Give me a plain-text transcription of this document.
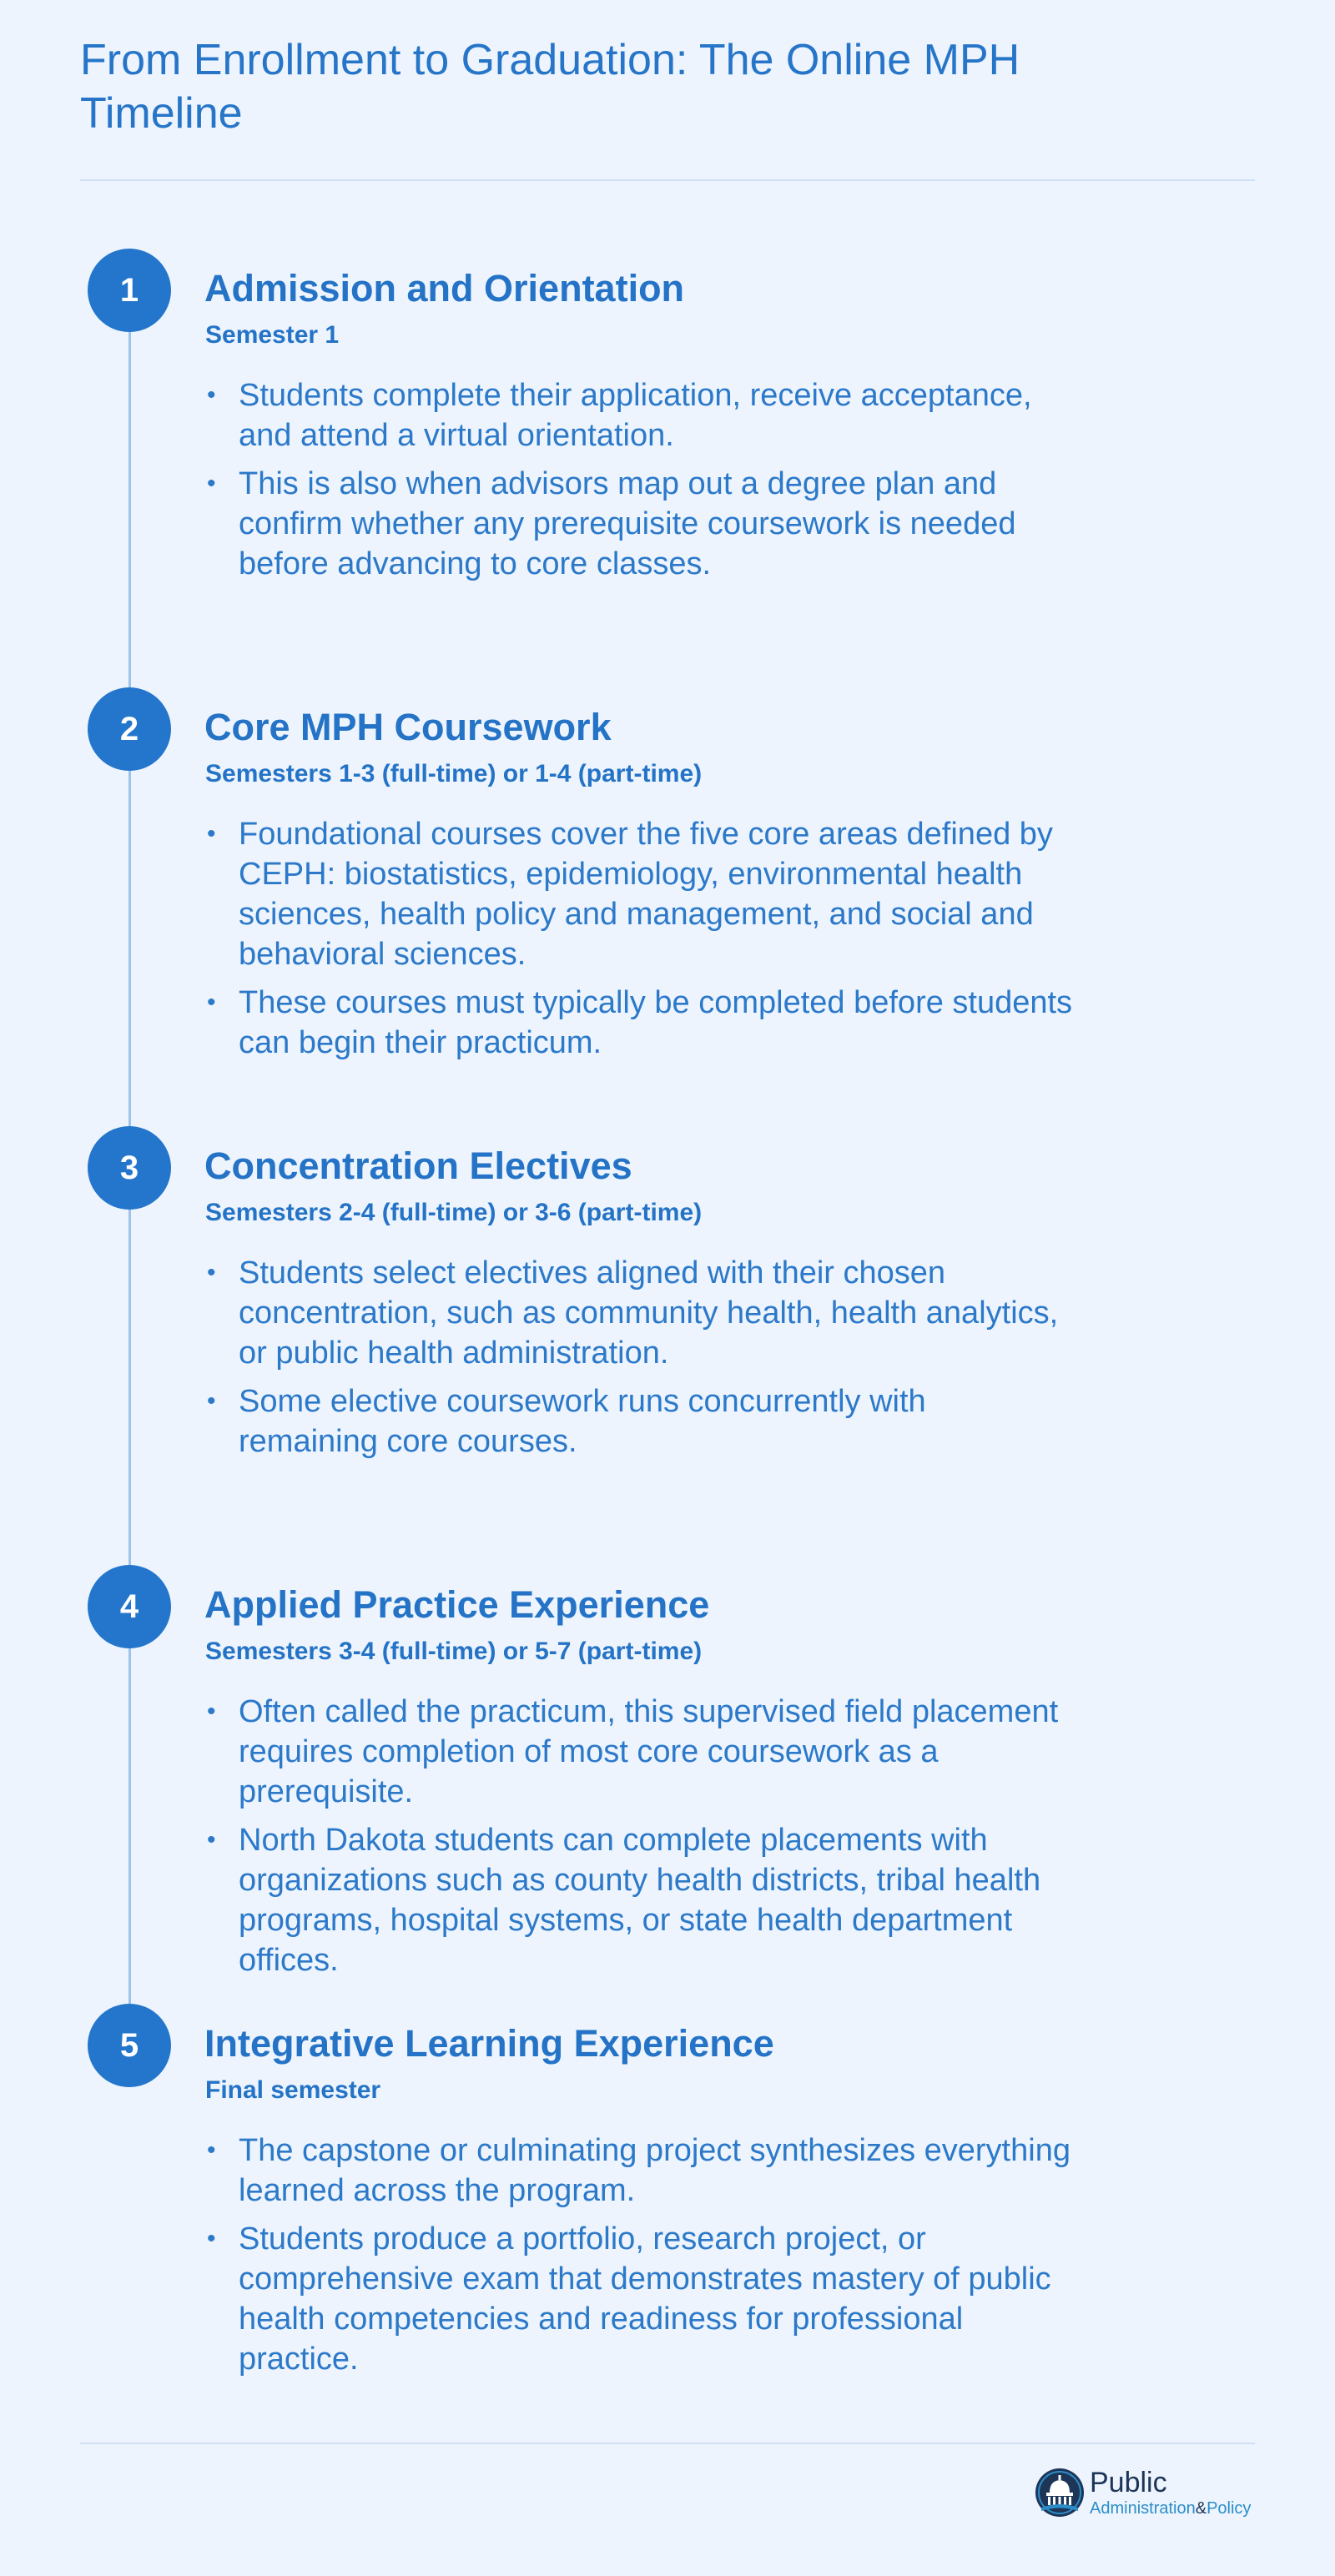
From Enrollment to Graduation: The Online MPH Timeline
1	Admission and Orientation

Semester 1

• Students complete their application, receive acceptance, and attend a virtual orientation.
• This is also when advisors map out a degree plan and confirm whether any prerequisite coursework is needed before advancing to core classes.
2	Core MPH Coursework

Semesters 1-3 (full-time) or 1-4 (part-time)

• Foundational courses cover the five core areas defined by CEPH: biostatistics, epidemiology, environmental health sciences, health policy and management, and social and behavioral sciences.
• These courses must typically be completed before students can begin their practicum.
3	Concentration Electives

Semesters 2-4 (full-time) or 3-6 (part-time)

• Students select electives aligned with their chosen concentration, such as community health, health analytics, or public health administration.
• Some elective coursework runs concurrently with remaining core courses.
4	Applied Practice Experience

Semesters 3-4 (full-time) or 5-7 (part-time)

• Often called the practicum, this supervised field placement requires completion of most core coursework as a prerequisite.
• North Dakota students can complete placements with organizations such as county health districts, tribal health programs, hospital systems, or state health department offices.
5	Integrative Learning Experience

Final semester

• The capstone or culminating project synthesizes everything learned across the program.
• Students produce a portfolio, research project, or comprehensive exam that demonstrates mastery of public health competencies and readiness for professional practice.
Public
Administration&Policy
